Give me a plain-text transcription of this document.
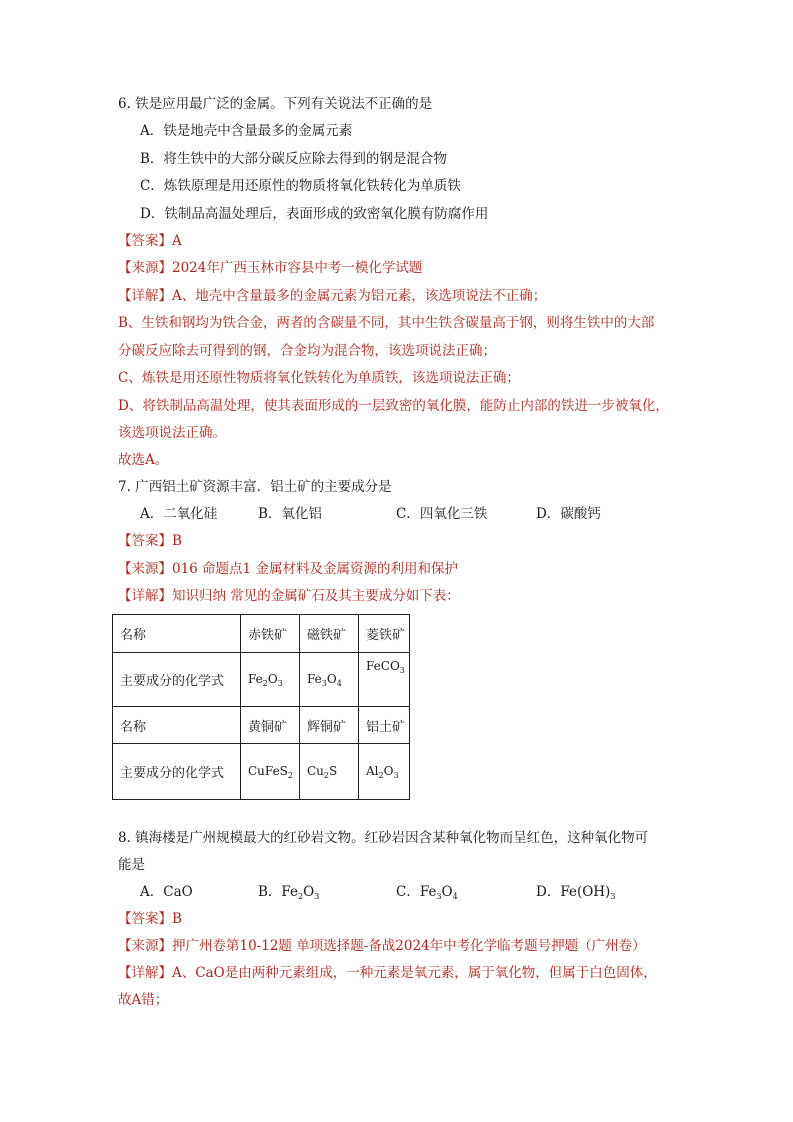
6. 铁是应用最广泛的金属。下列有关说法不正确的是
A．铁是地壳中含量最多的金属元素
B．将生铁中的大部分碳反应除去得到的钢是混合物
C．炼铁原理是用还原性的物质将氧化铁转化为单质铁
D．铁制品高温处理后，表面形成的致密氧化膜有防腐作用
【答案】A
【来源】2024年广西玉林市容县中考一模化学试题
【详解】A、地壳中含量最多的金属元素为铝元素，该选项说法不正确；
B、生铁和钢均为铁合金，两者的含碳量不同，其中生铁含碳量高于钢，则将生铁中的大部
分碳反应除去可得到的钢，合金均为混合物，该选项说法正确；
C、炼铁是用还原性物质将氧化铁转化为单质铁，该选项说法正确；
D、将铁制品高温处理，使其表面形成的一层致密的氧化膜，能防止内部的铁进一步被氧化，
该选项说法正确。
故选A。
7. 广西铝土矿资源丰富．铝土矿的主要成分是
A．二氧化硅	B．氧化铝	C．四氧化三铁	D．碳酸钙
【答案】B
【来源】016 命题点1 金属材料及金属资源的利用和保护
【详解】知识归纳 常见的金属矿石及其主要成分如下表：
名称	赤铁矿	磁铁矿	菱铁矿
主要成分的化学式	$Fe_2O_3$	$Fe_3O_4$	FeCO$_3$
名称	黄铜矿	辉铜矿	铝土矿
主要成分的化学式	CuFeS$_2$	$Cu_2S$	$Al_2O_3$
8. 镇海楼是广州规模最大的红砂岩文物。红砂岩因含某种氧化物而呈红色，这种氧化物可
能是
A．CaO	B．$Fe_2O_3$	C．$Fe_3O_4$	D．$Fe(OH)_3$
【答案】B
【来源】押广州卷第10-12题 单项选择题-备战2024年中考化学临考题号押题（广州卷）
【详解】A、CaO是由两种元素组成，一种元素是氧元素，属于氧化物，但属于白色固体，
故A错；
